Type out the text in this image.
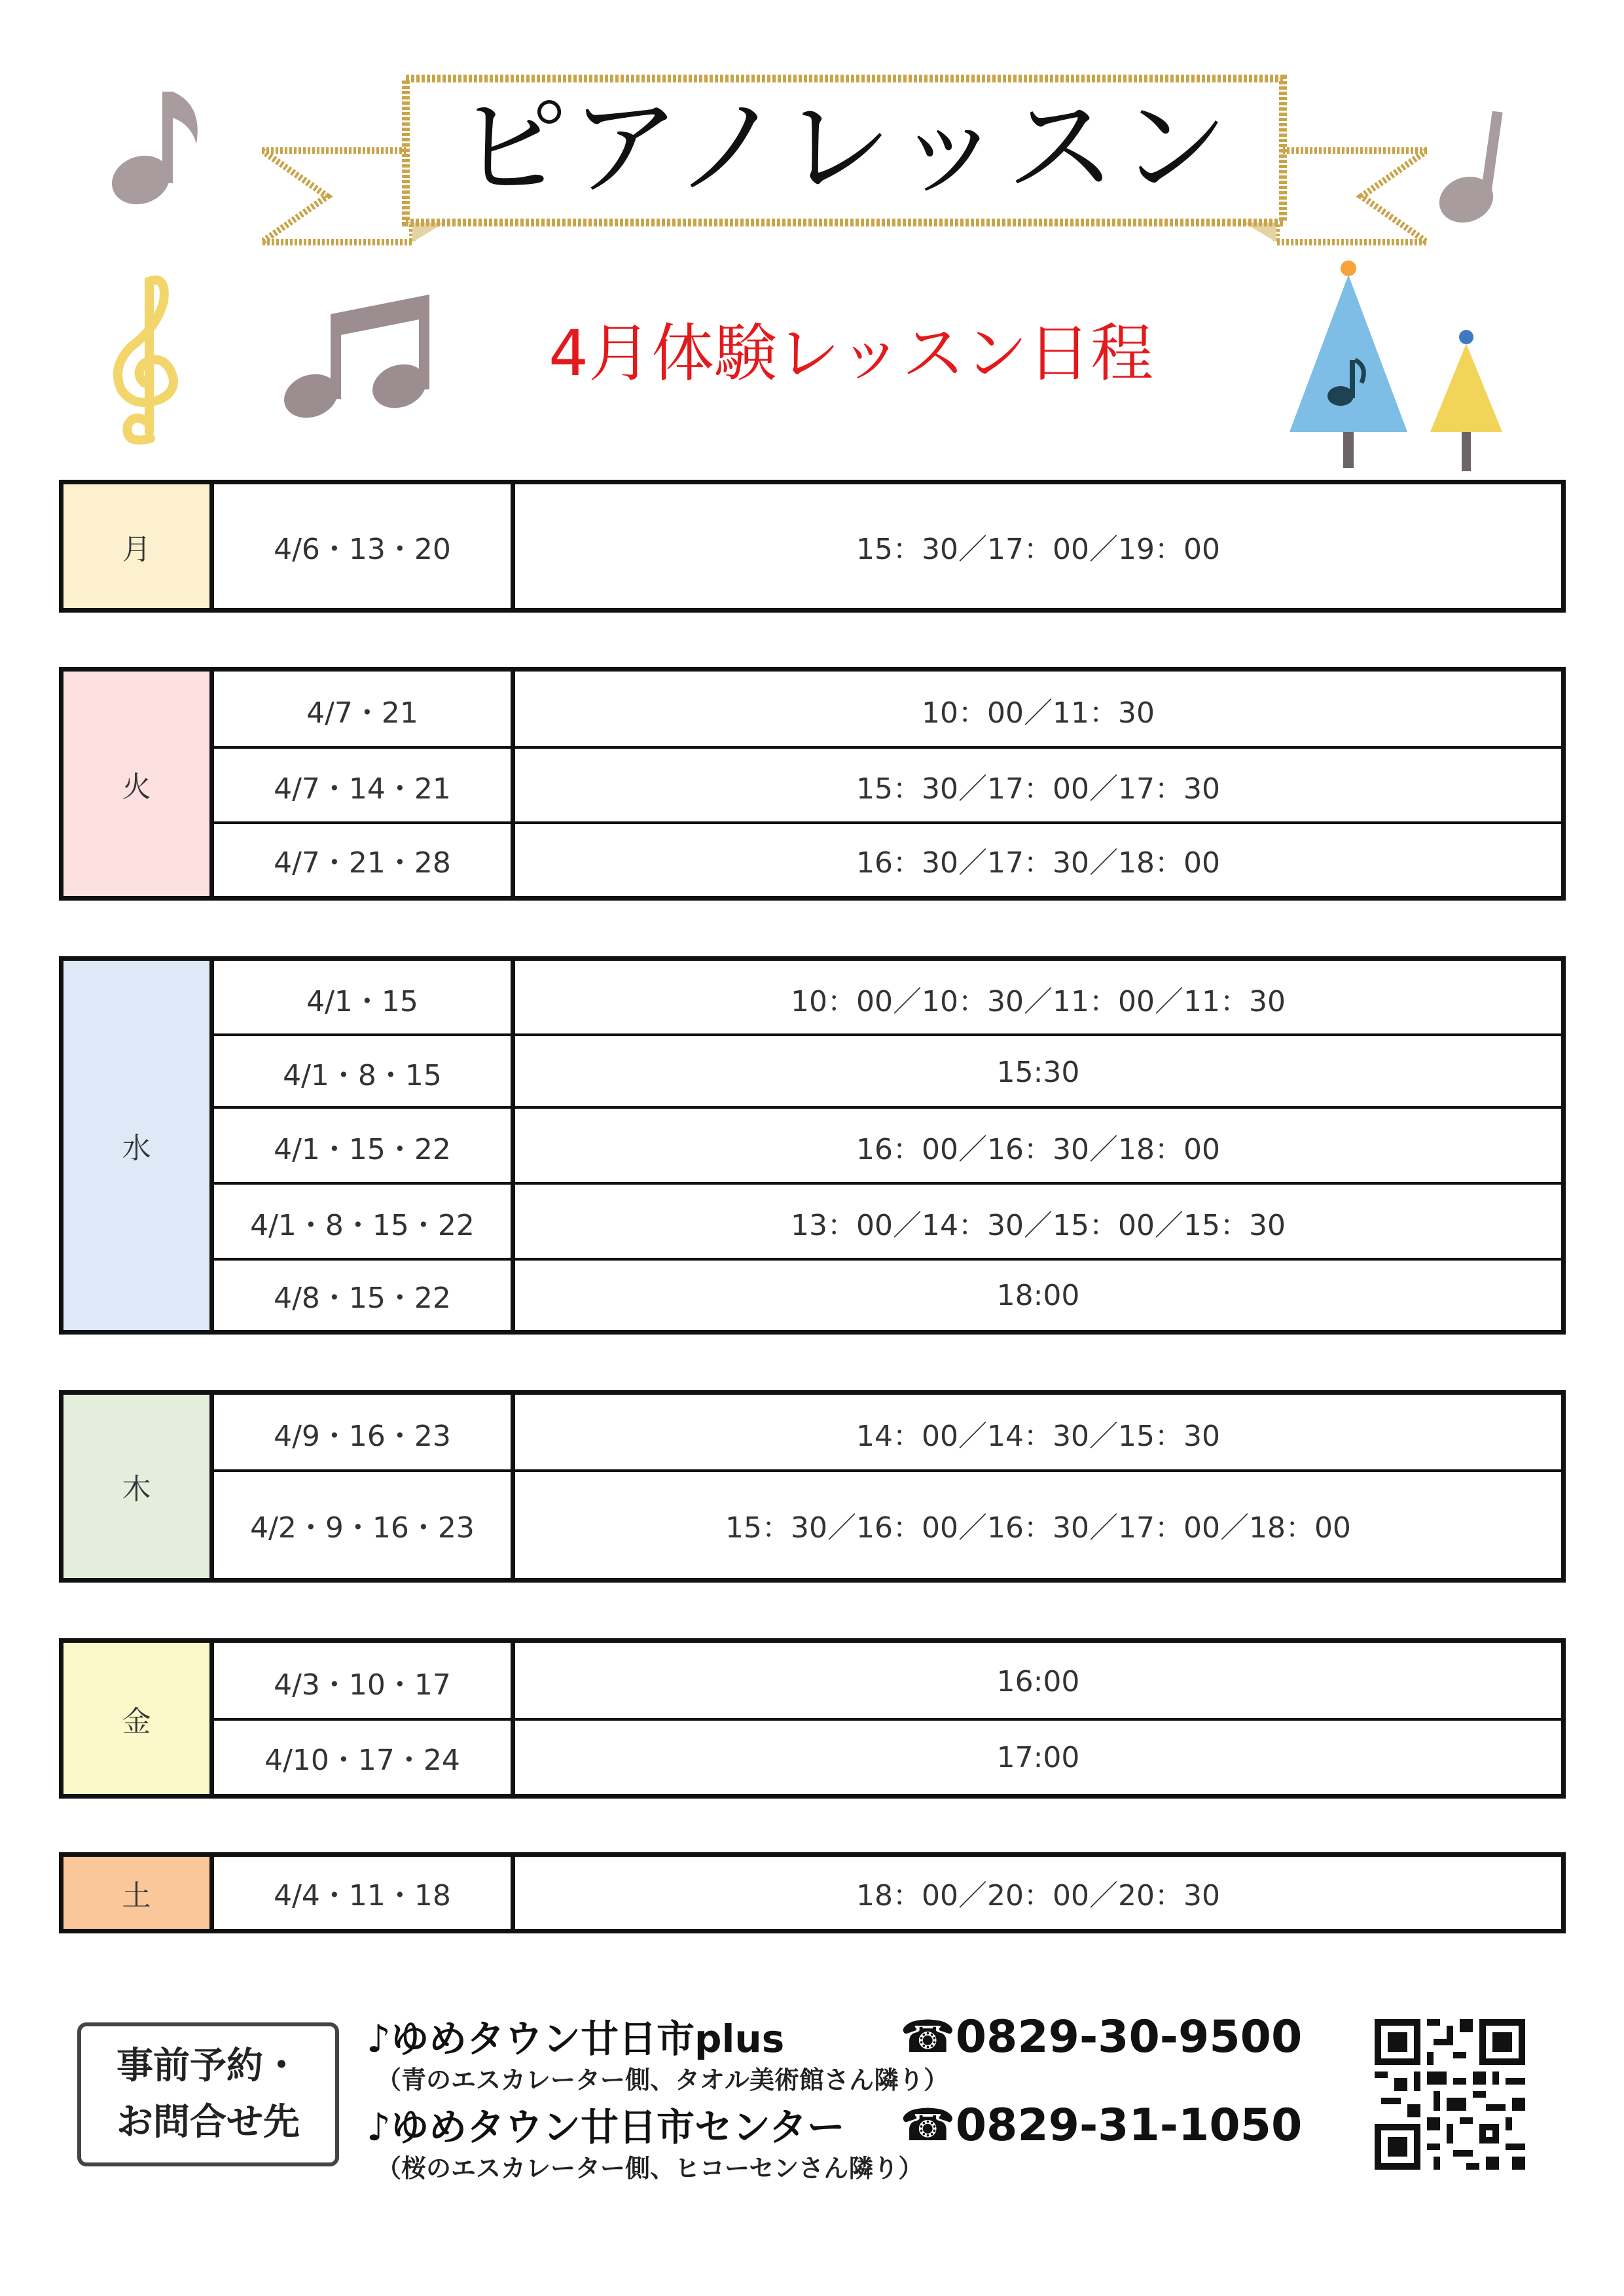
ピアノレッスン
4月体験レッスン日程
月	4/6・13・20	15：30／17：00／19：00
火
4/7・21	10：00／11：30
4/7・14・21	15：30／17：00／17：30
4/7・21・28	16：30／17：30／18：00
水
4/1・15	10：00／10：30／11：00／11：30
4/1・8・15	15:30
4/1・15・22	16：00／16：30／18：00
4/1・8・15・22	13：00／14：30／15：00／15：30
4/8・15・22	18:00
木
4/9・16・23	14：00／14：30／15：30
4/2・9・16・23	15：30／16：00／16：30／17：00／18：00
金
4/3・10・17	16:00
4/10・17・24	17:00
土	4/4・11・18	18：00／20：00／20：30
事前予約・
お問合せ先
♪ゆめタウン廿日市plus	☎0829-30-9500
（青のエスカレーター側、タオル美術館さん隣り）
♪ゆめタウン廿日市センター	☎0829-31-1050
（桜のエスカレーター側、ヒコーセンさん隣り）
